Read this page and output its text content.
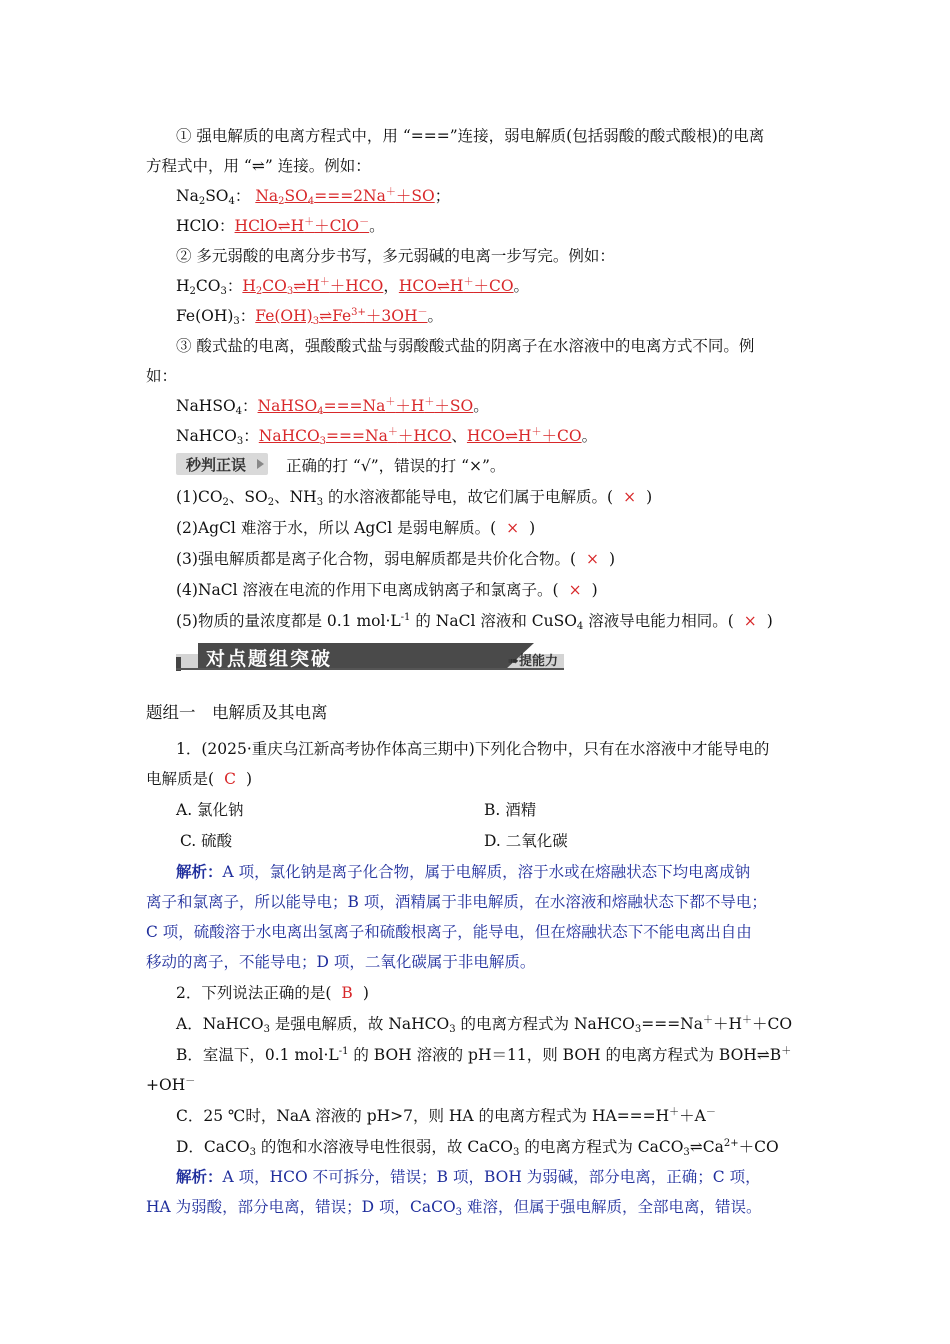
① 强电解质的电离方程式中，用 “===”连接，弱电解质(包括弱酸的酸式酸根)的电离
方程式中，用 “⇌” 连接。例如：
$Na_2SO_4$： $Na_2SO_4===2Na^++SO$；
HClO：HClO⇌H＋＋ClO－。
② 多元弱酸的电离分步书写，多元弱碱的电离一步写完。例如：
$H_2CO_3$：$H_2CO_3\rightleftharpoons H^++HCO$，HCO⇌H＋＋CO。
$Fe(OH)_3$：$Fe(OH)_3\rightleftharpoons Fe^{3+}+3OH^-$。
③ 酸式盐的电离，强酸酸式盐与弱酸酸式盐的阴离子在水溶液中的电离方式不同。例
如：
NaHSO$_4$：NaHSO$_4$===Na＋＋H＋＋SO。
NaHCO$_3$：NaHCO$_3$===Na＋＋HCO、HCO⇌H＋＋CO。
秒判正误	正确的打 “√”，错误的打 “×”。
$(1)CO_2$、$SO_2$、$NH_3$ 的水溶液都能导电，故它们属于电解质。( × )
(2)AgCl 难溶于水，所以 AgCl 是弱电解质。( × )
(3)强电解质都是离子化合物，弱电解质都是共价化合物。( × )
(4)NaCl 溶液在电流的作用下电离成钠离子和氯离子。( × )
(5)物质的量浓度都是 0.1 $mol\cdot L^{-1}$ 的 NaCl 溶液和 CuSO$_4$ 溶液导电能力相同。( × )
对点题组突破	➠提能力
题组一　电解质及其电离
1．(2025·重庆乌江新高考协作体高三期中)下列化合物中，只有在水溶液中才能导电的
电解质是( C )
A. 氯化钠	B. 酒精
C. 硫酸	D. 二氧化碳
解析：A 项，氯化钠是离子化合物，属于电解质，溶于水或在熔融状态下均电离成钠
离子和氯离子，所以能导电；B 项，酒精属于非电解质，在水溶液和熔融状态下都不导电；
C 项，硫酸溶于水电离出氢离子和硫酸根离子，能导电，但在熔融状态下不能电离出自由
移动的离子，不能导电；D 项，二氧化碳属于非电解质。
2．下列说法正确的是( B )
A．NaHCO$_3$ 是强电解质，故 NaHCO$_3$ 的电离方程式为 NaHCO$_3$===Na＋＋H＋＋CO
B．室温下，0.1 $mol\cdot L^{-1}$ 的 BOH 溶液的 pH＝11，则 BOH 的电离方程式为 BOH⇌B＋
+OH－
C．25 ℃时，NaA 溶液的 pH>7，则 HA 的电离方程式为 HA===H＋＋A－
D．CaCO$_3$ 的饱和水溶液导电性很弱，故 CaCO$_3$ 的电离方程式为 $CaCO_3\rightleftharpoons Ca^{2+}+CO$
解析：A 项，HCO 不可拆分，错误；B 项，BOH 为弱碱，部分电离，正确；C 项，
HA 为弱酸，部分电离，错误；D 项，CaCO$_3$ 难溶，但属于强电解质，全部电离，错误。
